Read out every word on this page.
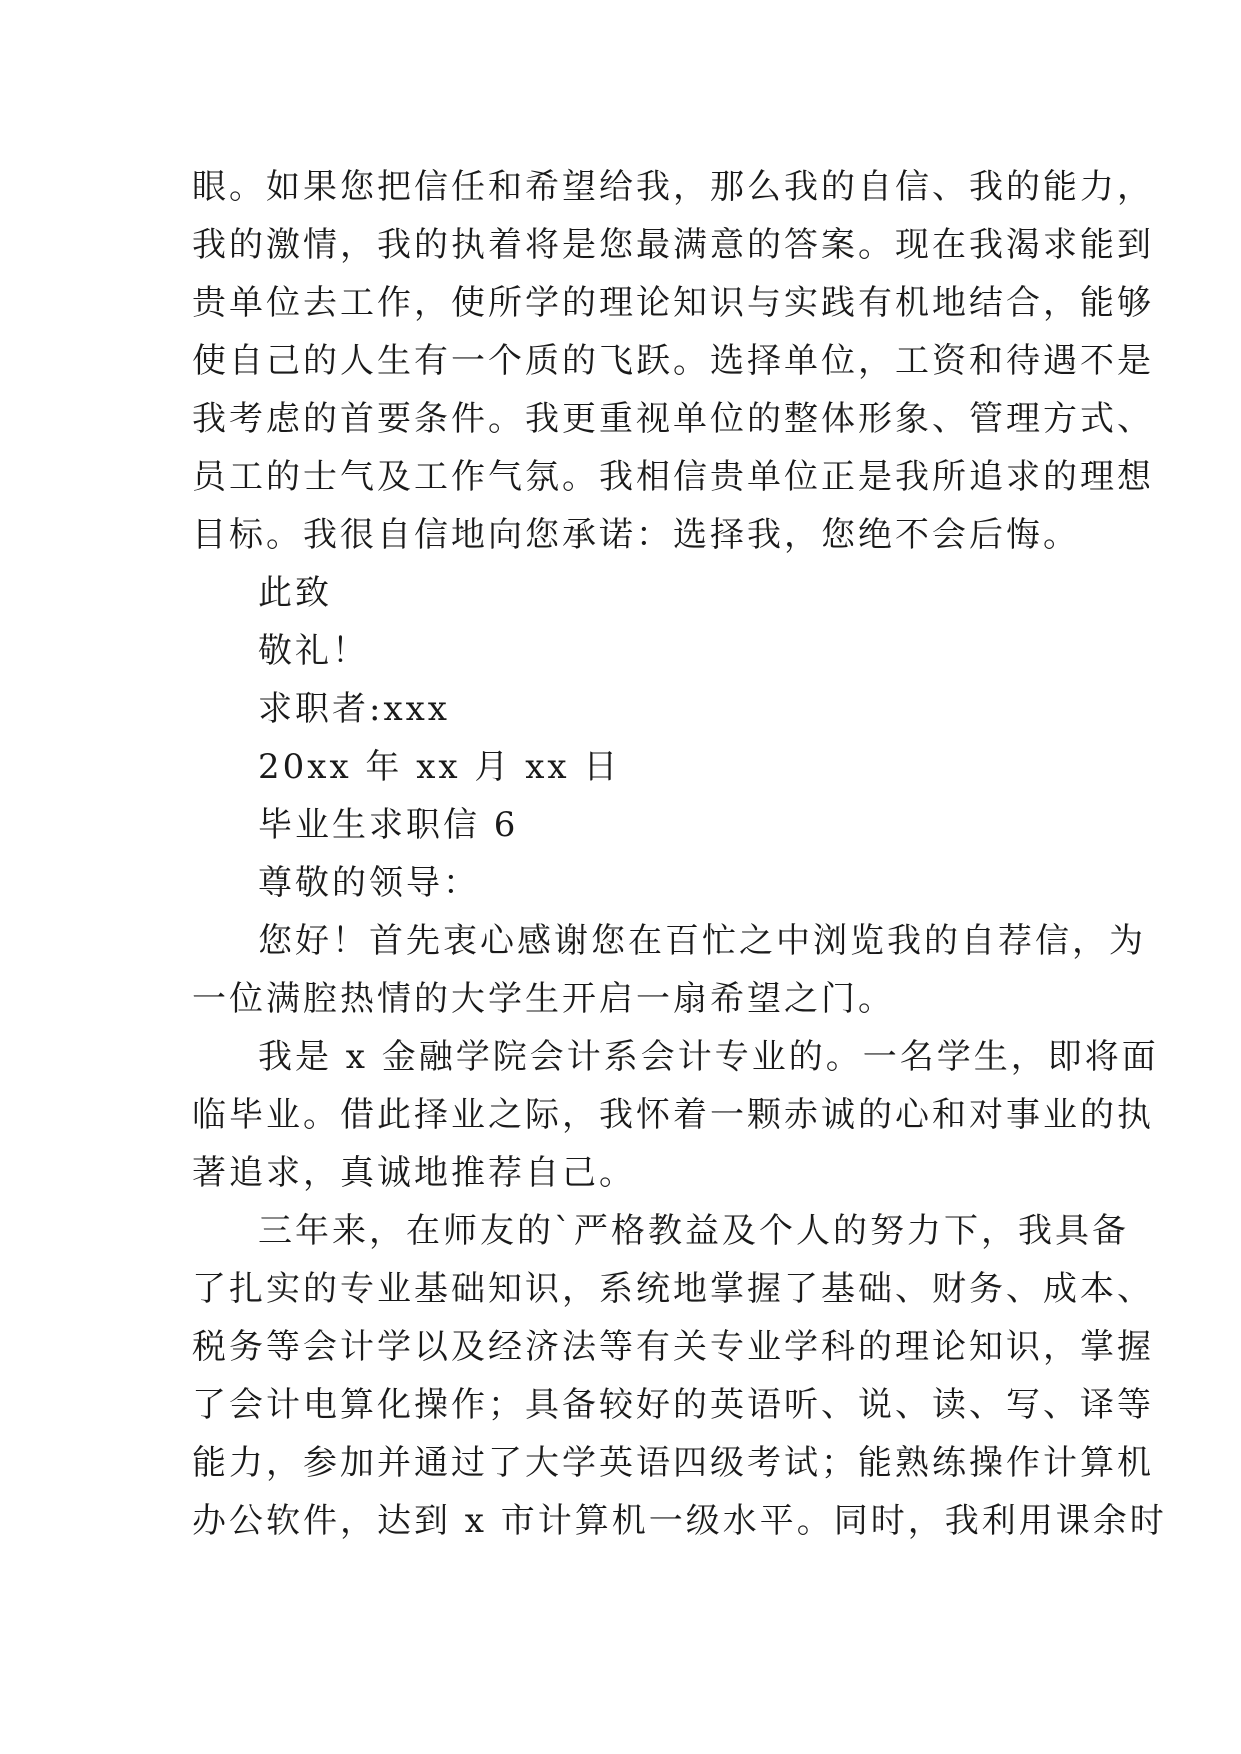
眼。如果您把信任和希望给我，那么我的自信、我的能力，
我的激情，我的执着将是您最满意的答案。现在我渴求能到
贵单位去工作，使所学的理论知识与实践有机地结合，能够
使自己的人生有一个质的飞跃。选择单位，工资和待遇不是
我考虑的首要条件。我更重视单位的整体形象、管理方式、
员工的士气及工作气氛。我相信贵单位正是我所追求的理想
目标。我很自信地向您承诺：选择我，您绝不会后悔。
此致
敬礼！
求职者:xxx
20xx 年 xx 月 xx 日
毕业生求职信 6
尊敬的领导：
您好！首先衷心感谢您在百忙之中浏览我的自荐信，为
一位满腔热情的大学生开启一扇希望之门。
我是 x 金融学院会计系会计专业的。一名学生，即将面
临毕业。借此择业之际，我怀着一颗赤诚的心和对事业的执
著追求，真诚地推荐自己。
三年来，在师友的`严格教益及个人的努力下，我具备
了扎实的专业基础知识，系统地掌握了基础、财务、成本、
税务等会计学以及经济法等有关专业学科的理论知识，掌握
了会计电算化操作；具备较好的英语听、说、读、写、译等
能力，参加并通过了大学英语四级考试；能熟练操作计算机
办公软件，达到 x 市计算机一级水平。同时，我利用课余时
